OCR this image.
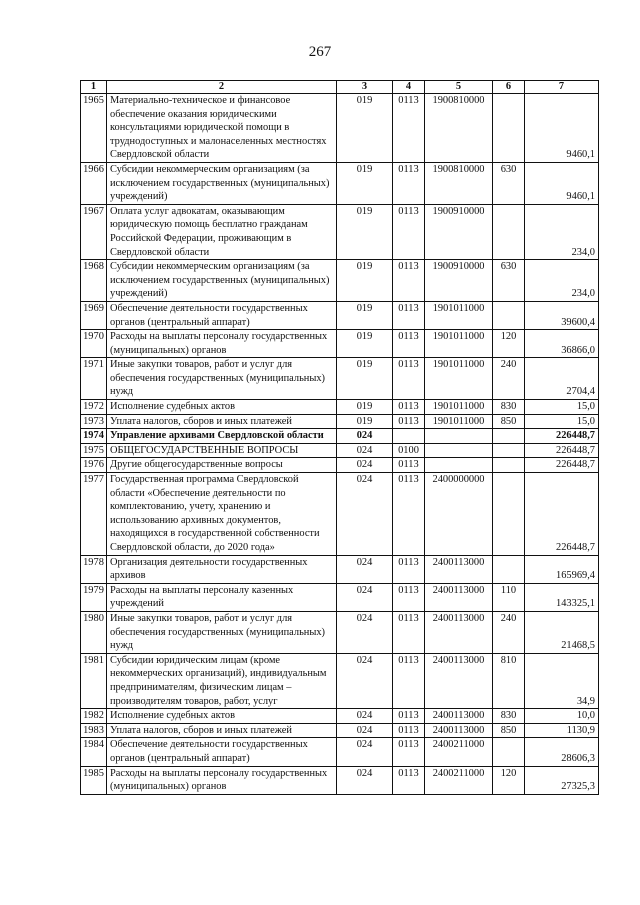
267
1	2	3	4	5	6	7
1965	Материально-техническое и финансовое обеспечение оказания юридическими консультациями юридической помощи в труднодоступных и малонаселенных местностях Свердловской области	019	0113	1900810000		9460,1
1966	Субсидии некоммерческим организациям (за исключением государственных (муниципальных) учреждений)	019	0113	1900810000	630	9460,1
1967	Оплата услуг адвокатам, оказывающим юридическую помощь бесплатно гражданам Российской Федерации, проживающим в Свердловской области	019	0113	1900910000		234,0
1968	Субсидии некоммерческим организациям (за исключением государственных (муниципальных) учреждений)	019	0113	1900910000	630	234,0
1969	Обеспечение деятельности государственных органов (центральный аппарат)	019	0113	1901011000		39600,4
1970	Расходы на выплаты персоналу государственных (муниципальных) органов	019	0113	1901011000	120	36866,0
1971	Иные закупки товаров, работ и услуг для обеспечения государственных (муниципальных) нужд	019	0113	1901011000	240	2704,4
1972	Исполнение судебных актов	019	0113	1901011000	830	15,0
1973	Уплата налогов, сборов и иных платежей	019	0113	1901011000	850	15,0
1974	Управление архивами Свердловской области	024				226448,7
1975	ОБЩЕГОСУДАРСТВЕННЫЕ ВОПРОСЫ	024	0100			226448,7
1976	Другие общегосударственные вопросы	024	0113			226448,7
1977	Государственная программа Свердловской области «Обеспечение деятельности по комплектованию, учету, хранению и использованию архивных документов, находящихся в государственной собственности Свердловской области, до 2020 года»	024	0113	2400000000		226448,7
1978	Организация деятельности государственных архивов	024	0113	2400113000		165969,4
1979	Расходы на выплаты персоналу казенных учреждений	024	0113	2400113000	110	143325,1
1980	Иные закупки товаров, работ и услуг для обеспечения государственных (муниципальных) нужд	024	0113	2400113000	240	21468,5
1981	Субсидии юридическим лицам (кроме некоммерческих организаций), индивидуальным предпринимателям, физическим лицам – производителям товаров, работ, услуг	024	0113	2400113000	810	34,9
1982	Исполнение судебных актов	024	0113	2400113000	830	10,0
1983	Уплата налогов, сборов и иных платежей	024	0113	2400113000	850	1130,9
1984	Обеспечение деятельности государственных органов (центральный аппарат)	024	0113	2400211000		28606,3
1985	Расходы на выплаты персоналу государственных (муниципальных) органов	024	0113	2400211000	120	27325,3
